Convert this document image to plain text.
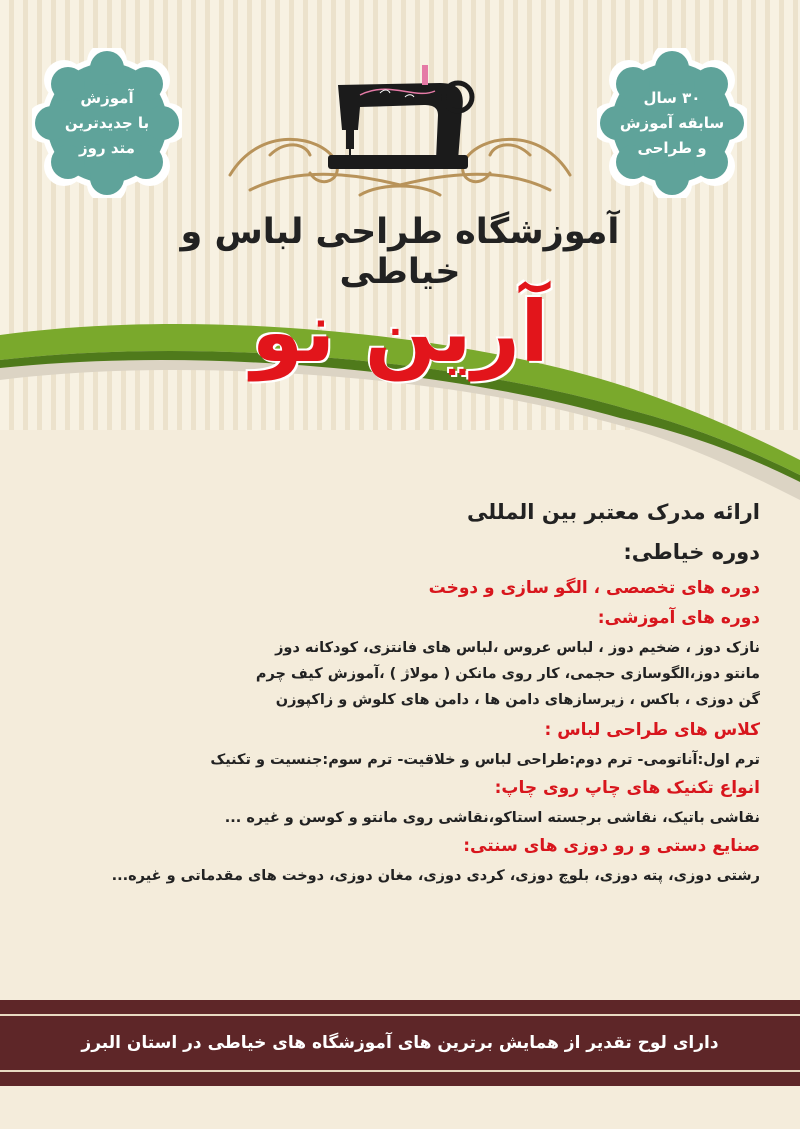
آموزش
با جدیدترین
متد روز
۳۰ سال
سابقه آموزش
و طراحی
آموزشگاه طراحی لباس و خیاطی
آرین نو
ارائه مدرک معتبر بین المللی
دوره خیاطی:
دوره های تخصصی ، الگو سازی و دوخت
دوره های آموزشی:
نازک دوز ، ضخیم دوز ، لباس عروس ،لباس های فانتزی، کودکانه دوز
مانتو دوز،الگوسازی حجمی، کار روی مانکن ( مولاژ ) ،آموزش کیف چرم
گن دوزی ، باکس ، زیرسازهای دامن ها ، دامن های کلوش و زاکپوزن
کلاس های طراحی لباس :
ترم اول:آناتومی- ترم دوم:طراحی لباس و خلاقیت- ترم سوم:جنسیت و تکنیک
انواع تکنیک های چاپ روی چاپ:
نقاشی باتیک، نقاشی برجسته استاکو،نقاشی روی مانتو و کوسن و غیره ...
صنایع دستی و رو دوزی های سنتی:
رشتی دوزی، پته دوزی، بلوچ دوزی، کردی دوزی، مغان دوزی، دوخت های مقدماتی و غیره...
دارای لوح تقدیر از همایش برترین های آموزشگاه های خیاطی در استان البرز
